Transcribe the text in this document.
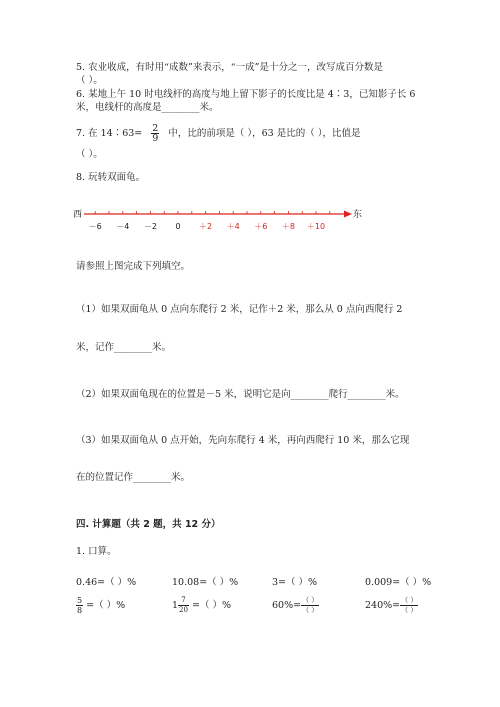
5. 农业收成，有时用“成数”来表示，“一成”是十分之一，改写成百分数是
（ ）。
6. 某地上午 10 时电线杆的高度与地上留下影子的长度比是 4∶3，已知影子长 6
米，电线杆的高度是________米。
7. 在 14∶63= $\frac{2}{9}$ 中，比的前项是（ ），63 是比的（ ），比值是
（ ）。
8. 玩转双面龟。
西	东
－6 －4 －2 0 ＋2 ＋4 ＋6 ＋8 ＋10
请参照上图完成下列填空。
（1）如果双面龟从 0 点向东爬行 2 米，记作＋2 米，那么从 0 点向西爬行 2
米，记作________米。
（2）如果双面龟现在的位置是－5 米，说明它是向________爬行________米。
（3）如果双面龟从 0 点开始，先向东爬行 4 米，再向西爬行 10 米，那么它现
在的位置记作________米。
四. 计算题（共 2 题，共 12 分）
1. 口算。
0.46=（ ）%	10.08=（ ）%	3=（ ）%	0.009=（ ）%
$\frac{5}{8}$ =（ ）%	$1 \frac{7}{20}$ =（ ）%	$60\%= \frac{( )}{( )}$	$240\%= \frac{( )}{( )}$
